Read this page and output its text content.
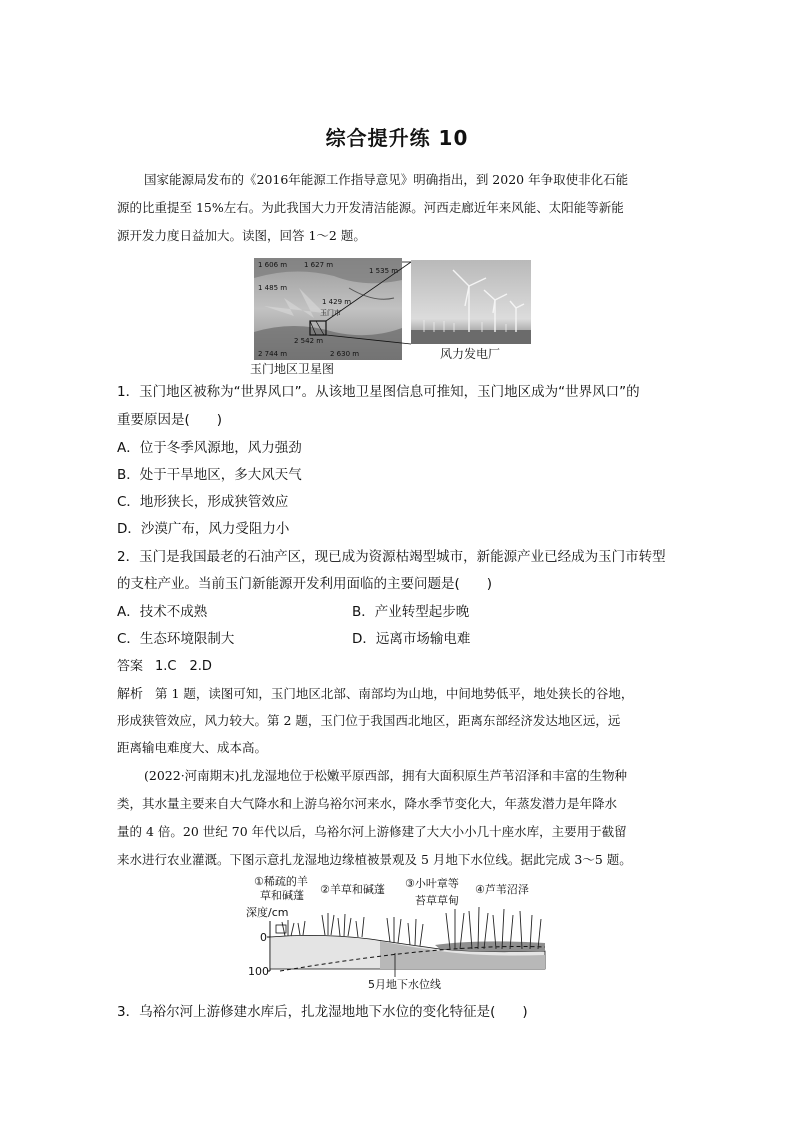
综合提升练 10
国家能源局发布的《2016年能源工作指导意见》明确指出，到 2020 年争取使非化石能
源的比重提至 15%左右。为此我国大力开发清洁能源。河西走廊近年来风能、太阳能等新能
源开发力度日益加大。读图，回答 1～2 题。
1 606 m 1 627 m
1 535 m
1 485 m
1 429 m
玉门市
2 542 m
2 744 m	2 630 m
玉门地区卫星图
风力发电厂
1．玉门地区被称为“世界风口”。从该地卫星图信息可推知，玉门地区成为“世界风口”的
重要原因是(　　)
A．位于冬季风源地，风力强劲
B．处于干旱地区，多大风天气
C．地形狭长，形成狭管效应
D．沙漠广布，风力受阻力小
2．玉门是我国最老的石油产区，现已成为资源枯竭型城市，新能源产业已经成为玉门市转型
的支柱产业。当前玉门新能源开发利用面临的主要问题是(　　)
A．技术不成熟	B．产业转型起步晚
C．生态环境限制大	D．远离市场输电难
答案 1.C　2.D
解析 第 1 题，读图可知，玉门地区北部、南部均为山地，中间地势低平，地处狭长的谷地，
形成狭管效应，风力较大。第 2 题，玉门位于我国西北地区，距离东部经济发达地区远，远
距离输电难度大、成本高。
(2022·河南期末)扎龙湿地位于松嫩平原西部，拥有大面积原生芦苇沼泽和丰富的生物种
类，其水量主要来自大气降水和上游乌裕尔河来水，降水季节变化大，年蒸发潜力是年降水
量的 4 倍。20 世纪 70 年代以后，乌裕尔河上游修建了大大小小几十座水库，主要用于截留
来水进行农业灌溉。下图示意扎龙湿地边缘植被景观及 5 月地下水位线。据此完成 3～5 题。
①稀疏的羊
草和碱蓬 ②羊草和碱蓬 ③小叶章等
苔草草甸
④芦苇沼泽
深度/cm
0
100
5月地下水位线
3．乌裕尔河上游修建水库后，扎龙湿地地下水位的变化特征是(　　)
